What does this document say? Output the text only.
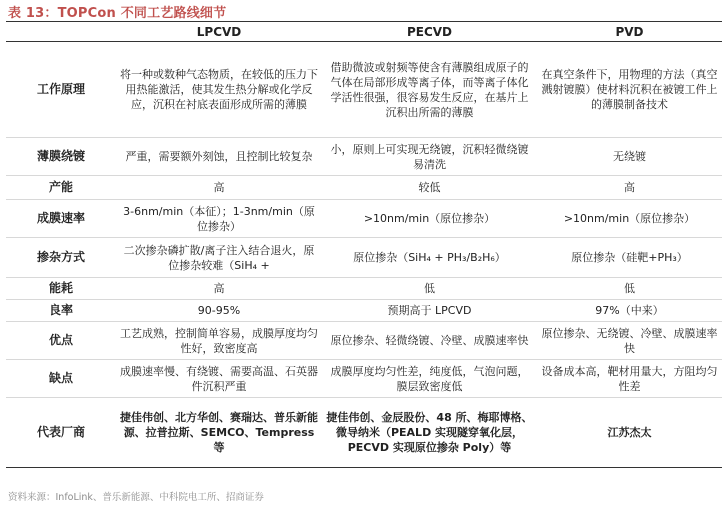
表 13：TOPCon 不同工艺路线细节
	LPCVD	PECVD	PVD
工作原理	将一种或数种气态物质，在较低的压力下用热能激活，使其发生热分解或化学反应，沉积在衬底表面形成所需的薄膜	借助微波或射频等使含有薄膜组成原子的气体在局部形成等离子体，而等离子体化学活性很强，很容易发生反应，在基片上沉积出所需的薄膜	在真空条件下，用物理的方法（真空溅射镀膜）使材料沉积在被镀工件上的薄膜制备技术
薄膜绕镀	严重，需要额外刻蚀，且控制比较复杂	小，原则上可实现无绕镀，沉积轻微绕镀易清洗	无绕镀
产能	高	较低	高
成膜速率	3-6nm/min（本征）；1-3nm/min（原位掺杂）	>10nm/min（原位掺杂）	>10nm/min（原位掺杂）
掺杂方式	二次掺杂磷扩散/离子注入结合退火，原位掺杂较难（SiH₄ +	原位掺杂（SiH₄ + PH₃/B₂H₆）	原位掺杂（硅靶+PH₃）
能耗	高	低	低
良率	90-95%	预期高于 LPCVD	97%（中来）
优点	工艺成熟，控制简单容易，成膜厚度均匀性好，致密度高	原位掺杂、轻微绕镀、冷壁、成膜速率快	原位掺杂、无绕镀、冷壁、成膜速率快
缺点	成膜速率慢、有绕镀、需要高温、石英器件沉积严重	成膜厚度均匀性差，纯度低，气泡问题，膜层致密度低	设备成本高，靶材用量大，方阻均匀性差
代表厂商	捷佳伟创、北方华创、赛瑞达、普乐新能源、拉普拉斯、SEMCO、Tempress 等	捷佳伟创、金辰股份、48 所、梅耶博格、微导纳米（PEALD 实现隧穿氧化层，PECVD 实现原位掺杂 Poly）等	江苏杰太
资料来源：InfoLink、普乐新能源、中科院电工所、招商证券
